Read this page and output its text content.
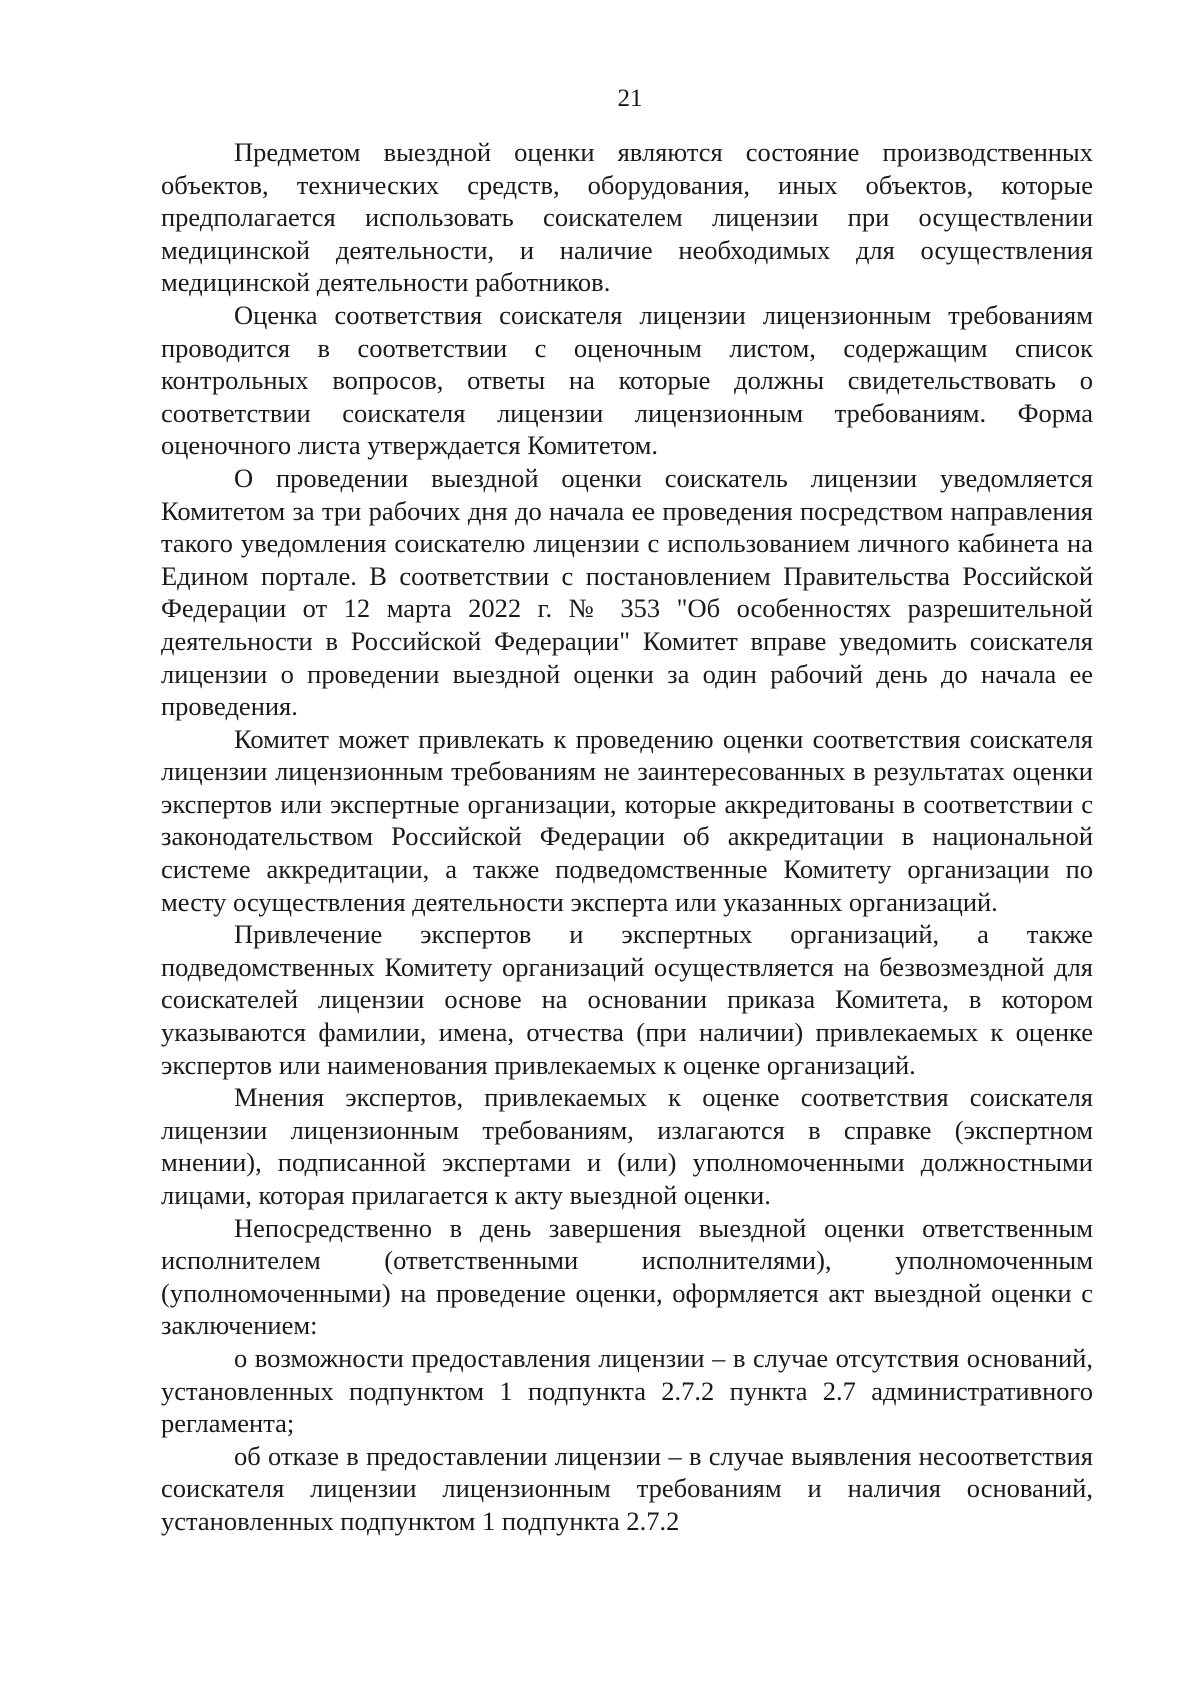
21

Предметом выездной оценки являются состояние производственных объектов, технических средств, оборудования, иных объектов, которые предполагается использовать соискателем лицензии при осуществлении медицинской деятельности, и наличие необходимых для осуществления медицинской деятельности работников.

Оценка соответствия соискателя лицензии лицензионным требованиям проводится в соответствии с оценочным листом, содержащим список контрольных вопросов, ответы на которые должны свидетельствовать о соответствии соискателя лицензии лицензионным требованиям. Форма оценочного листа утверждается Комитетом.

О проведении выездной оценки соискатель лицензии уведомляется Комитетом за три рабочих дня до начала ее проведения посредством направления такого уведомления соискателю лицензии с использованием личного кабинета на Едином портале. В соответствии с постановлением Правительства Российской Федерации от 12 марта 2022 г. № 353 "Об особенностях разрешительной деятельности в Российской Федерации" Комитет вправе уведомить соискателя лицензии о проведении выездной оценки за один рабочий день до начала ее проведения.

Комитет может привлекать к проведению оценки соответствия соискателя лицензии лицензионным требованиям не заинтересованных в результатах оценки экспертов или экспертные организации, которые аккредитованы в соответствии с законодательством Российской Федерации об аккредитации в национальной системе аккредитации, а также подведомственные Комитету организации по месту осуществления деятельности эксперта или указанных организаций.

Привлечение экспертов и экспертных организаций, а также подведомственных Комитету организаций осуществляется на безвозмездной для соискателей лицензии основе на основании приказа Комитета, в котором указываются фамилии, имена, отчества (при наличии) привлекаемых к оценке экспертов или наименования привлекаемых к оценке организаций.

Мнения экспертов, привлекаемых к оценке соответствия соискателя лицензии лицензионным требованиям, излагаются в справке (экспертном мнении), подписанной экспертами и (или) уполномоченными должностными лицами, которая прилагается к акту выездной оценки.

Непосредственно в день завершения выездной оценки ответственным исполнителем (ответственными исполнителями), уполномоченным (уполномоченными) на проведение оценки, оформляется акт выездной оценки с заключением:

о возможности предоставления лицензии – в случае отсутствия оснований, установленных подпунктом 1 подпункта 2.7.2 пункта 2.7 административного регламента;

об отказе в предоставлении лицензии – в случае выявления несоответствия соискателя лицензии лицензионным требованиям и наличия оснований, установленных подпунктом 1 подпункта 2.7.2
